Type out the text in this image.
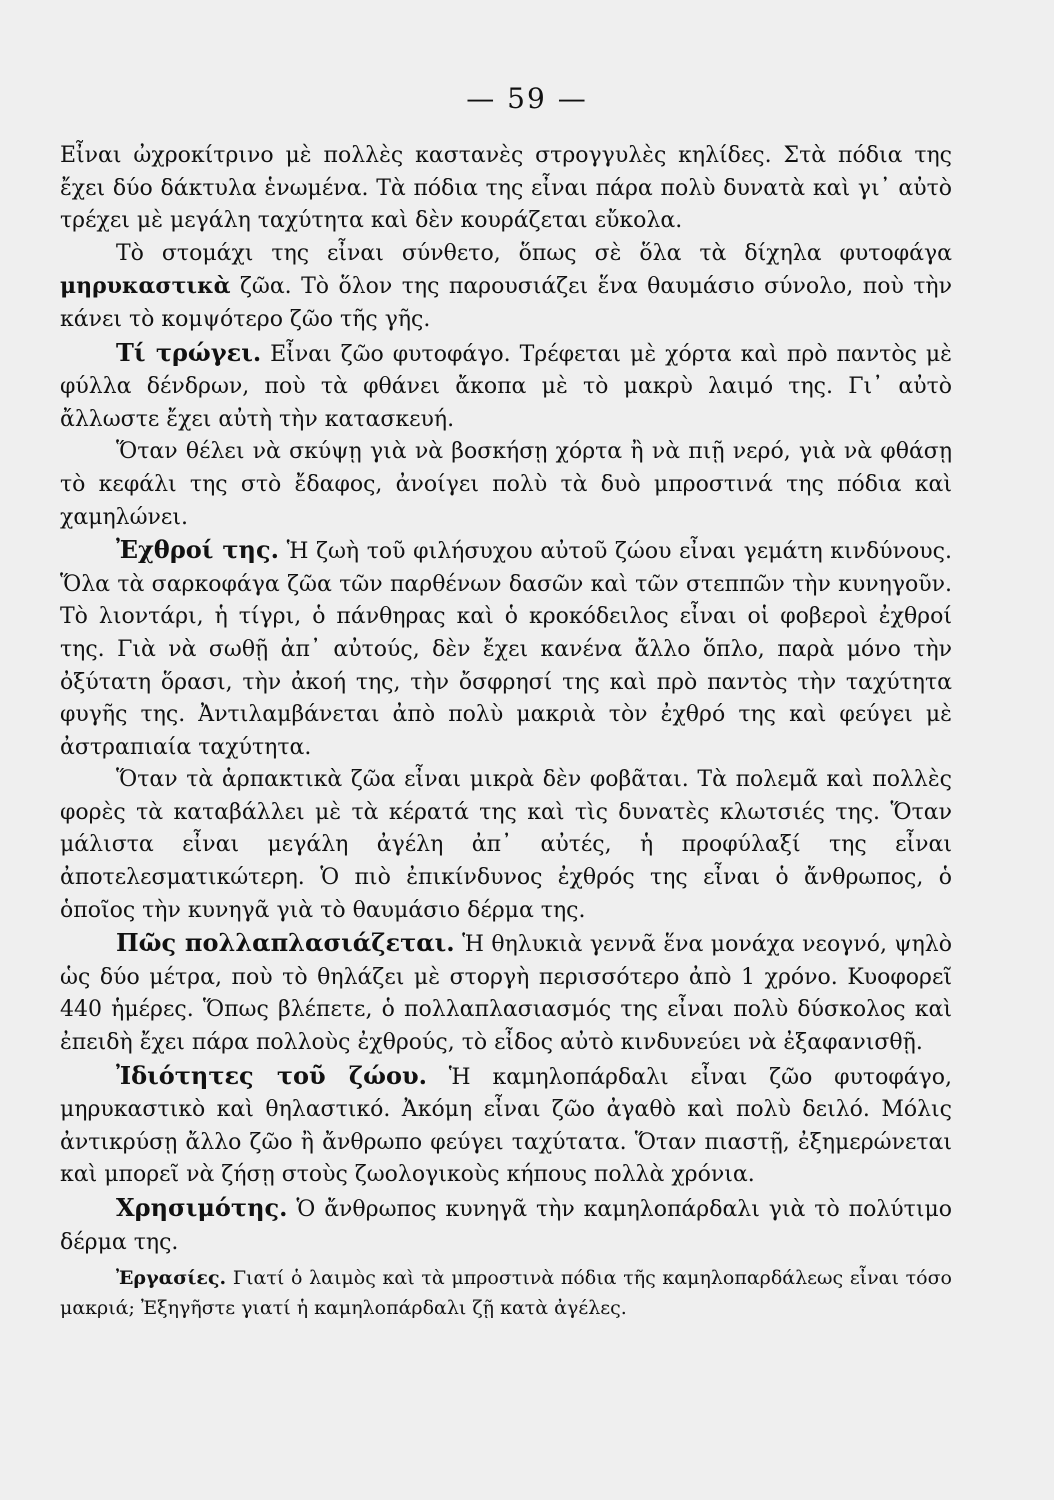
— 59 —

Εἶναι ὠχροκίτρινο μὲ πολλὲς καστανὲς στρογγυλὲς κηλίδες. Στὰ πόδια της ἔχει δύο δάκτυλα ἑνωμένα. Τὰ πόδια της εἶναι πάρα πολὺ δυνατὰ καὶ γι᾽ αὐτὸ τρέχει μὲ μεγάλη ταχύτητα καὶ δὲν κουράζεται εὔκολα.

Τὸ στομάχι της εἶναι σύνθετο, ὅπως σὲ ὅλα τὰ δίχηλα φυτοφάγα μηρυκαστικὰ ζῶα. Τὸ ὅλον της παρουσιάζει ἕνα θαυμάσιο σύνολο, ποὺ τὴν κάνει τὸ κομψότερο ζῶο τῆς γῆς.

Τί τρώγει. Εἶναι ζῶο φυτοφάγο. Τρέφεται μὲ χόρτα καὶ πρὸ παντὸς μὲ φύλλα δένδρων, ποὺ τὰ φθάνει ἄκοπα μὲ τὸ μακρὺ λαιμό της. Γι᾽ αὐτὸ ἄλλωστε ἔχει αὐτὴ τὴν κατασκευή.

Ὅταν θέλει νὰ σκύψῃ γιὰ νὰ βοσκήσῃ χόρτα ἢ νὰ πιῇ νερό, γιὰ νὰ φθάσῃ τὸ κεφάλι της στὸ ἔδαφος, ἀνοίγει πολὺ τὰ δυὸ μπροστινά της πόδια καὶ χαμηλώνει.

Ἐχθροί της. Ἡ ζωὴ τοῦ φιλήσυχου αὐτοῦ ζώου εἶναι γεμάτη κινδύνους. Ὅλα τὰ σαρκοφάγα ζῶα τῶν παρθένων δασῶν καὶ τῶν στεππῶν τὴν κυνηγοῦν. Τὸ λιοντάρι, ἡ τίγρι, ὁ πάνθηρας καὶ ὁ κροκόδειλος εἶναι οἱ φοβεροὶ ἐχθροί της. Γιὰ νὰ σωθῇ ἀπ᾽ αὐτούς, δὲν ἔχει κανένα ἄλλο ὅπλο, παρὰ μόνο τὴν ὀξύτατη ὅρασι, τὴν ἀκοή της, τὴν ὄσφρησί της καὶ πρὸ παντὸς τὴν ταχύτητα φυγῆς της. Ἀντιλαμβάνεται ἀπὸ πολὺ μακριὰ τὸν ἐχθρό της καὶ φεύγει μὲ ἀστραπιαία ταχύτητα.

Ὅταν τὰ ἁρπακτικὰ ζῶα εἶναι μικρὰ δὲν φοβᾶται. Τὰ πολεμᾶ καὶ πολλὲς φορὲς τὰ καταβάλλει μὲ τὰ κέρατά της καὶ τὶς δυνατὲς κλωτσιές της. Ὅταν μάλιστα εἶναι μεγάλη ἀγέλη ἀπ᾽ αὐτές, ἡ προφύλαξί της εἶναι ἀποτελεσματικώτερη. Ὁ πιὸ ἐπικίνδυνος ἐχθρός της εἶναι ὁ ἄνθρωπος, ὁ ὁποῖος τὴν κυνηγᾶ γιὰ τὸ θαυμάσιο δέρμα της.

Πῶς πολλαπλασιάζεται. Ἡ θηλυκιὰ γεννᾶ ἕνα μονάχα νεογνό, ψηλὸ ὡς δύο μέτρα, ποὺ τὸ θηλάζει μὲ στοργὴ περισσότερο ἀπὸ 1 χρόνο. Κυοφορεῖ 440 ἡμέρες. Ὅπως βλέπετε, ὁ πολλαπλασιασμός της εἶναι πολὺ δύσκολος καὶ ἐπειδὴ ἔχει πάρα πολλοὺς ἐχθρούς, τὸ εἶδος αὐτὸ κινδυνεύει νὰ ἐξαφανισθῇ.

Ἰδιότητες τοῦ ζώου. Ἡ καμηλοπάρδαλι εἶναι ζῶο φυτοφάγο, μηρυκαστικὸ καὶ θηλαστικό. Ἀκόμη εἶναι ζῶο ἀγαθὸ καὶ πολὺ δειλό. Μόλις ἀντικρύσῃ ἄλλο ζῶο ἢ ἄνθρωπο φεύγει ταχύτατα. Ὅταν πιαστῇ, ἐξημερώνεται καὶ μπορεῖ νὰ ζήσῃ στοὺς ζωολογικοὺς κήπους πολλὰ χρόνια.

Χρησιμότης. Ὁ ἄνθρωπος κυνηγᾶ τὴν καμηλοπάρδαλι γιὰ τὸ πολύτιμο δέρμα της.

Ἐργασίες. Γιατί ὁ λαιμὸς καὶ τὰ μπροστινὰ πόδια τῆς καμηλοπαρδάλεως εἶναι τόσο μακριά; Ἐξηγῆστε γιατί ἡ καμηλοπάρδαλι ζῇ κατὰ ἀγέλες.
